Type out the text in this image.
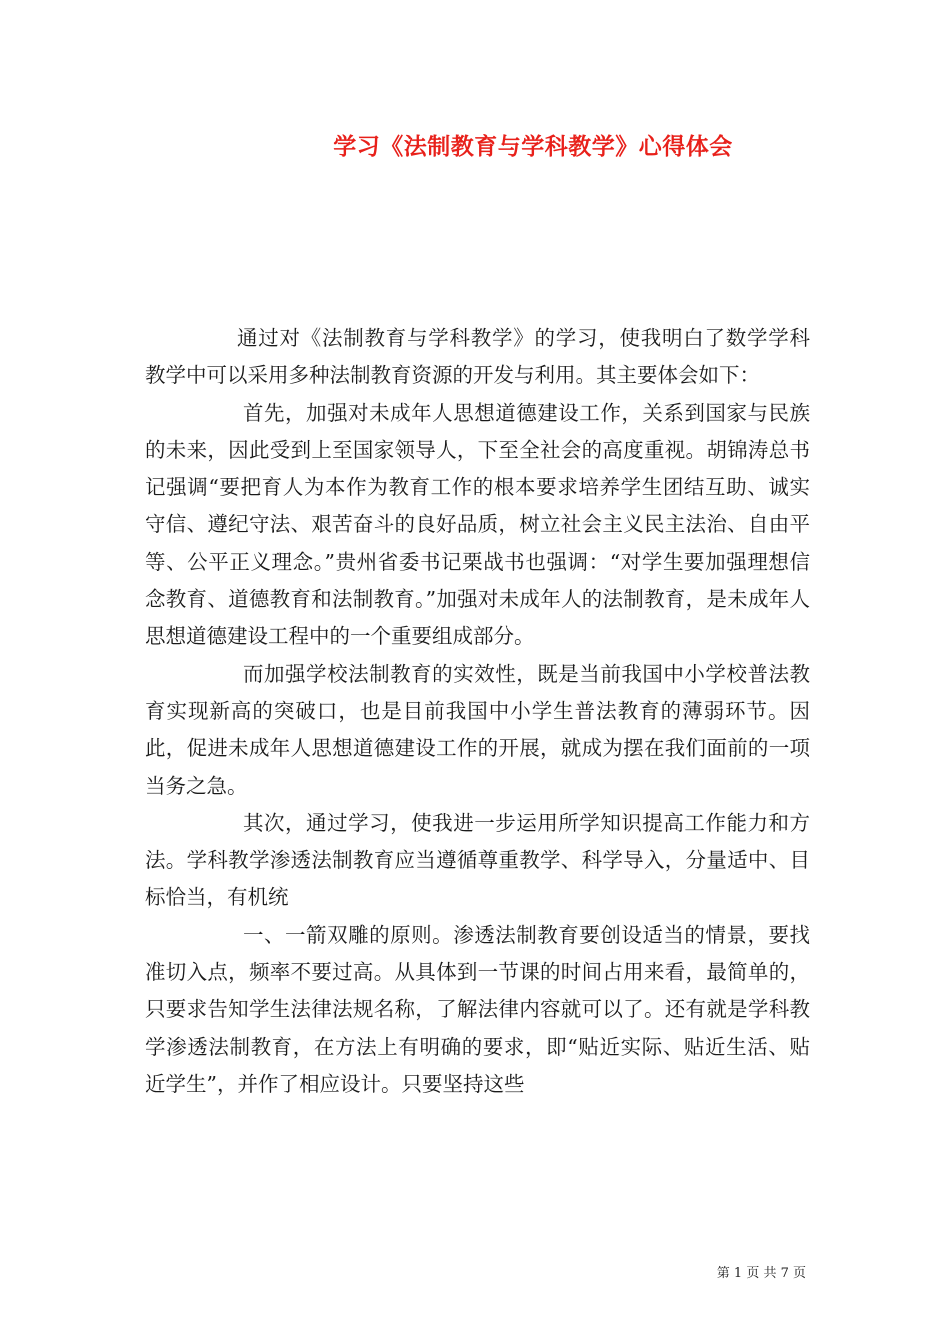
学习《法制教育与学科教学》心得体会

通过对《法制教育与学科教学》的学习，使我明白了数学学科教学中可以采用多种法制教育资源的开发与利用。其主要体会如下：

首先，加强对未成年人思想道德建设工作，关系到国家与民族的未来，因此受到上至国家领导人，下至全社会的高度重视。胡锦涛总书记强调“要把育人为本作为教育工作的根本要求培养学生团结互助、诚实守信、遵纪守法、艰苦奋斗的良好品质，树立社会主义民主法治、自由平等、公平正义理念。”贵州省委书记栗战书也强调：“对学生要加强理想信念教育、道德教育和法制教育。”加强对未成年人的法制教育，是未成年人思想道德建设工程中的一个重要组成部分。

而加强学校法制教育的实效性，既是当前我国中小学校普法教育实现新高的突破口，也是目前我国中小学生普法教育的薄弱环节。因此，促进未成年人思想道德建设工作的开展，就成为摆在我们面前的一项当务之急。

其次，通过学习，使我进一步运用所学知识提高工作能力和方法。学科教学渗透法制教育应当遵循尊重教学、科学导入，分量适中、目标恰当，有机统

一、一箭双雕的原则。渗透法制教育要创设适当的情景，要找准切入点，频率不要过高。从具体到一节课的时间占用来看，最简单的，只要求告知学生法律法规名称，了解法律内容就可以了。还有就是学科教学渗透法制教育，在方法上有明确的要求，即“贴近实际、贴近生活、贴近学生”，并作了相应设计。只要坚持这些

第 1 页 共 7 页
